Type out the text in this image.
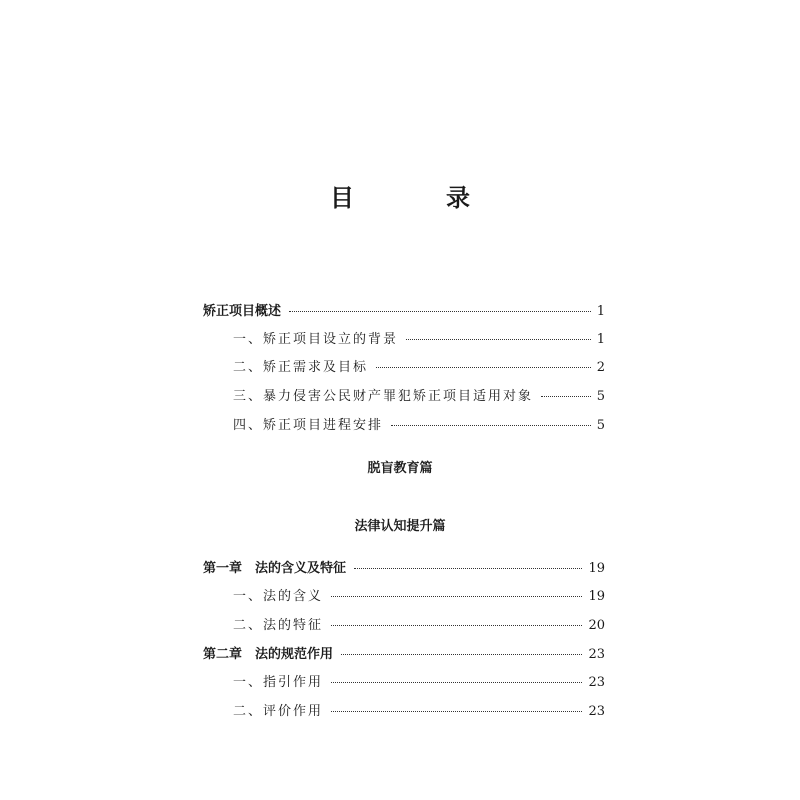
目　录
矫正项目概述	1
一、矫正项目设立的背景	1
二、矫正需求及目标	2
三、暴力侵害公民财产罪犯矫正项目适用对象	5
四、矫正项目进程安排	5
脱盲教育篇
法律认知提升篇
第一章　法的含义及特征	19
一、法的含义	19
二、法的特征	20
第二章　法的规范作用	23
一、指引作用	23
二、评价作用	23
